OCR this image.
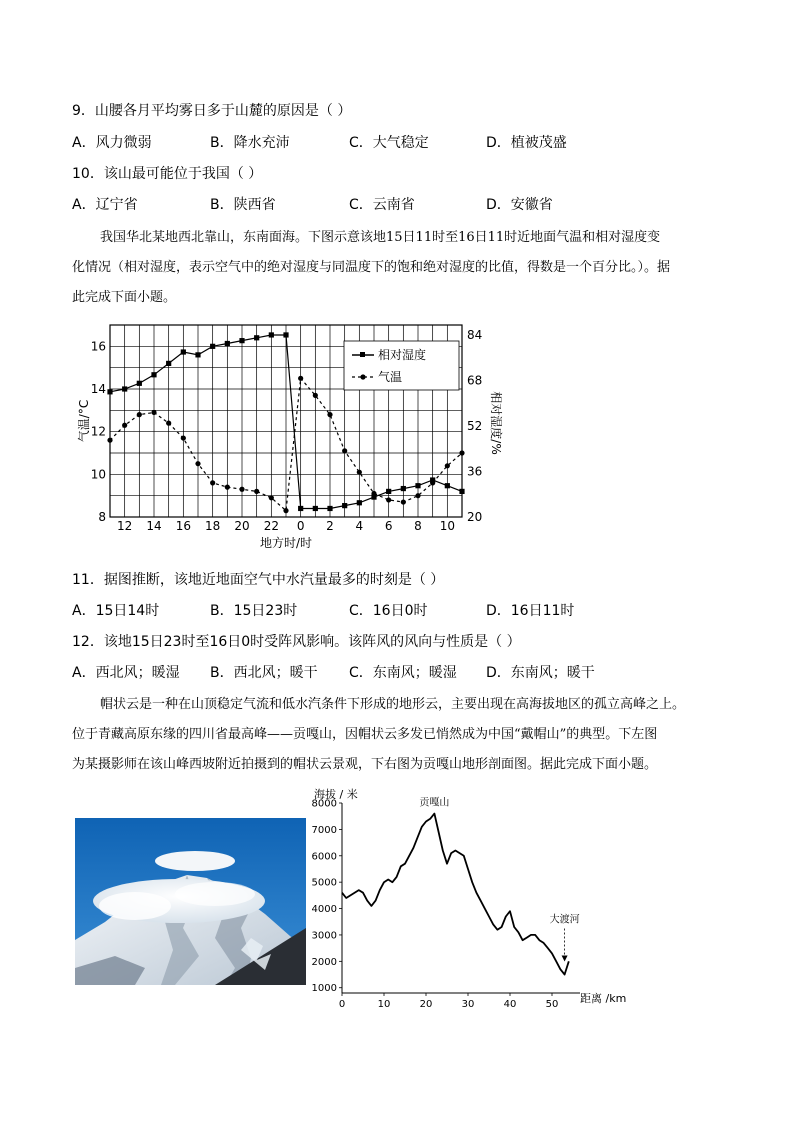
9．山腰各月平均雾日多于山麓的原因是（ ）
A．风力微弱	B．降水充沛	C．大气稳定	D．植被茂盛
10．该山最可能位于我国（ ）
A．辽宁省	B．陕西省	C．云南省	D．安徽省
我国华北某地西北靠山，东南面海。下图示意该地15日11时至16日11时近地面气温和相对湿度变
化情况（相对湿度，表示空气中的绝对湿度与同温度下的饱和绝对湿度的比值，得数是一个百分比。）。据
此完成下面小题。
12 14 16 18 20 22 0 2 4 6 8 10
8
10
12
14
16
20
36
52
68
84
地方时/时
气温/°C	相对湿度/%
相对湿度
气温
11．据图推断，该地近地面空气中水汽量最多的时刻是（ ）
A．15日14时	B．15日23时	C．16日0时	D．16日11时
12．该地15日23时至16日0时受阵风影响。该阵风的风向与性质是（ ）
A．西北风；暖湿 B．西北风；暖干 C．东南风；暖湿 D．东南风；暖干
帽状云是一种在山顶稳定气流和低水汽条件下形成的地形云，主要出现在高海拔地区的孤立高峰之上。
位于青藏高原东缘的四川省最高峰——贡嘎山，因帽状云多发已悄然成为中国“戴帽山”的典型。下左图
为某摄影师在该山峰西坡附近拍摄到的帽状云景观，下右图为贡嘎山地形剖面图。据此完成下面小题。
1000
2000
3000
4000
5000
6000
7000
8000
0	10	20	30	40	50
海拔 / 米
距离 /km
贡嘎山
大渡河
